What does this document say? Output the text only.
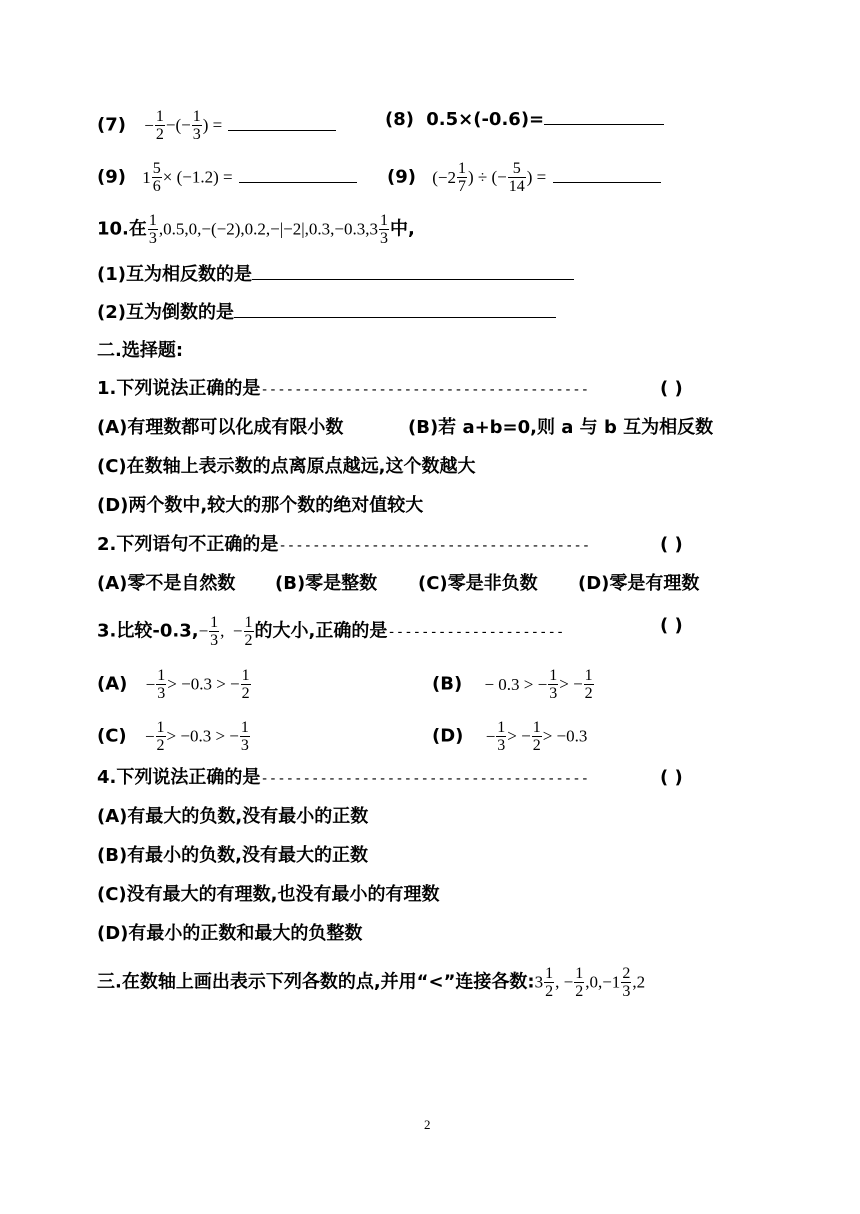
$(7) - \frac{1}{2}$ −(− $\frac{1}{3}$ ) =	(8) 0.5×(-0.6)=
(9) $1 \frac{5}{6} \times (-1.2)$ =	(9) ($-2 \frac{1}{7}$ ) ÷ (− $\frac{5}{14}$ ) =
10.在 $\frac{1}{3} ,0.5,0,-(-2),0.2,-|-2|,0.3,-0.3,3 \frac{1}{3}$ 中,
(1)互为相反数的是
(2)互为倒数的是
二.选择题:
1.下列说法正确的是---------------------------------------	( )
(A)有理数都可以化成有限小数	(B)若 a+b=0,则 a 与 b 互为相反数
(C)在数轴上表示数的点离原点越远,这个数越大
(D)两个数中,较大的那个数的绝对值较大
2.下列语句不正确的是-------------------------------------	( )
(A)零不是自然数 (B)零是整数 (C)零是非负数 (D)零是有理数
3.比较$-0.3,- \frac{1}{3}$ ,  − $\frac{1}{2}$ 的大小,正确的是---------------------	( )
$(A) - \frac{1}{3} > -0.3$ > − $\frac{1}{2}$	(B) − 0.3 > − $\frac{1}{3}$ > − $\frac{1}{2}$
$(C) - \frac{1}{2} > -0.3$ > − $\frac{1}{3}$	$(D) - \frac{1}{3}$ > − $\frac{1}{2} > -0.3$
4.下列说法正确的是---------------------------------------	( )
(A)有最大的负数,没有最小的正数
(B)有最小的负数,没有最大的正数
(C)没有最大的有理数,也没有最小的有理数
(D)有最小的正数和最大的负整数
三.在数轴上画出表示下列各数的点,并用“<”连接各数:3 $\frac{1}{2}$ , − $\frac{1}{2} ,0,-1 \frac{2}{3} ,2$
2
